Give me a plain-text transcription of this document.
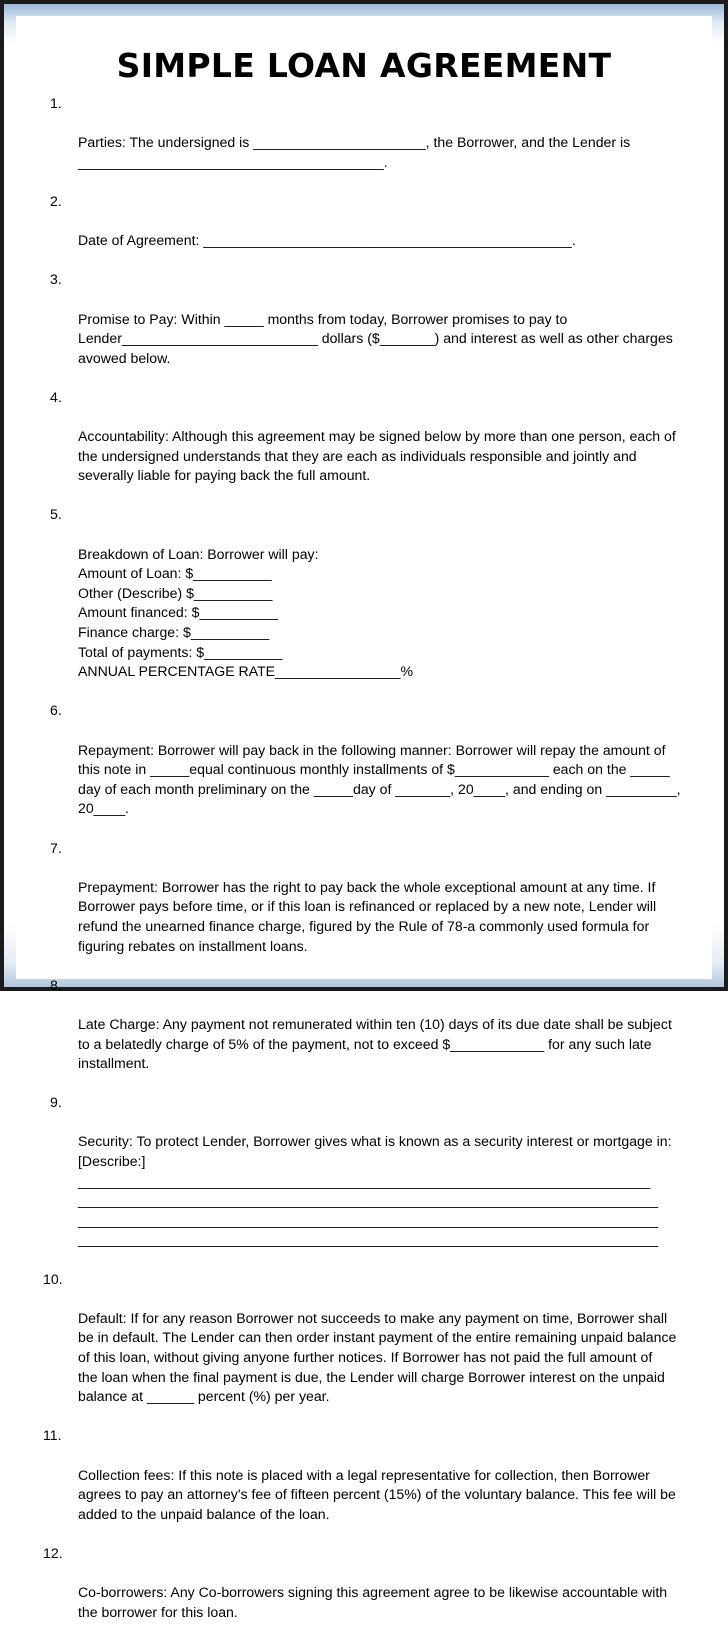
SIMPLE LOAN AGREEMENT

1.

Parties: The undersigned is ______________________, the Borrower, and the Lender is
_______________________________________.

2.

Date of Agreement: _______________________________________________.

3.

Promise to Pay: Within _____ months from today, Borrower promises to pay to
Lender_________________________ dollars ($_______) and interest as well as other charges
avowed below.

4.

Accountability: Although this agreement may be signed below by more than one person, each of
the undersigned understands that they are each as individuals responsible and jointly and
severally liable for paying back the full amount.

5.

Breakdown of Loan: Borrower will pay:
Amount of Loan: $__________
Other (Describe) $__________
Amount financed: $__________
Finance charge: $__________
Total of payments: $__________
ANNUAL PERCENTAGE RATE________________%

6.

Repayment: Borrower will pay back in the following manner: Borrower will repay the amount of
this note in _____equal continuous monthly installments of $____________ each on the _____
day of each month preliminary on the _____day of _______, 20____, and ending on _________,
20____.

7.

Prepayment: Borrower has the right to pay back the whole exceptional amount at any time. If
Borrower pays before time, or if this loan is refinanced or replaced by a new note, Lender will
refund the unearned finance charge, figured by the Rule of 78-a commonly used formula for
figuring rebates on installment loans.

8.

Late Charge: Any payment not remunerated within ten (10) days of its due date shall be subject
to a belatedly charge of 5% of the payment, not to exceed $____________ for any such late
installment.

9.

Security: To protect Lender, Borrower gives what is known as a security interest or mortgage in:
[Describe:]
_________________________________________________________________________
__________________________________________________________________________
__________________________________________________________________________
__________________________________________________________________________

10.

Default: If for any reason Borrower not succeeds to make any payment on time, Borrower shall
be in default. The Lender can then order instant payment of the entire remaining unpaid balance
of this loan, without giving anyone further notices. If Borrower has not paid the full amount of
the loan when the final payment is due, the Lender will charge Borrower interest on the unpaid
balance at ______ percent (%) per year.

11.

Collection fees: If this note is placed with a legal representative for collection, then Borrower
agrees to pay an attorney's fee of fifteen percent (15%) of the voluntary balance. This fee will be
added to the unpaid balance of the loan.

12.

Co-borrowers: Any Co-borrowers signing this agreement agree to be likewise accountable with
the borrower for this loan.
